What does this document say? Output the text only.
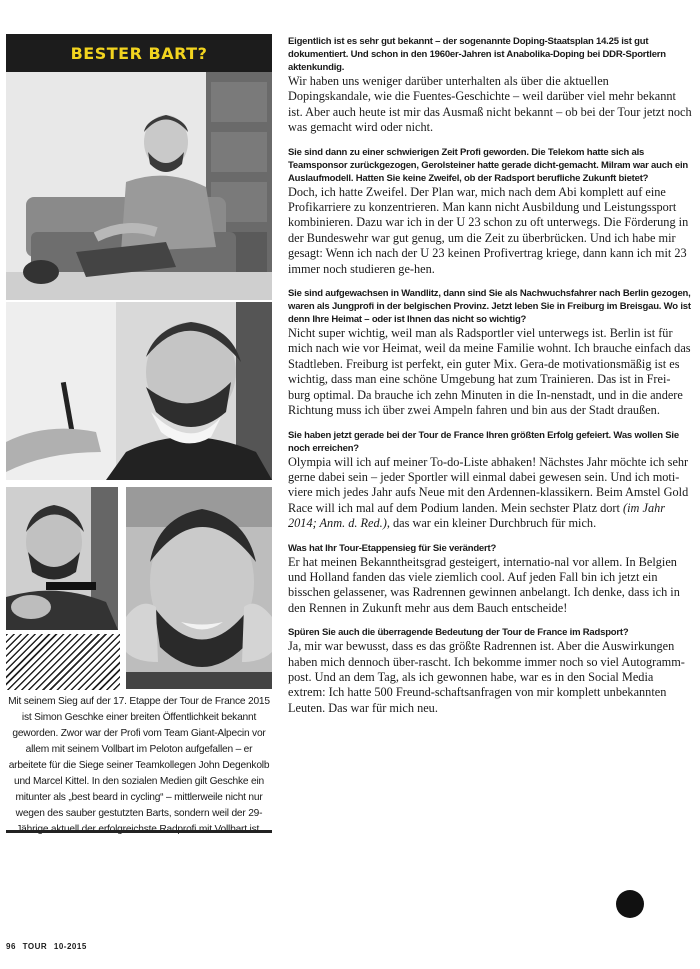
BESTER BART?
Mit seinem Sieg auf der 17. Etappe der Tour de France 2015 ist Simon Geschke einer breiten Öffentlichkeit bekannt geworden. Zwor war der Profi vom Team Giant-Alpecin vor allem mit seinem Vollbart im Peloton aufgefallen – er arbeitete für die Siege seiner Teamkollegen John Degenkolb und Marcel Kittel. In den sozialen Medien gilt Geschke ein mitunter als „best beard in cycling“ – mittlerweile nicht nur wegen des sauber gestutzten Barts, sondern weil der 29-

Eigentlich ist es sehr gut bekannt – der sogenannte Doping-Staatsplan 14.25 ist gut dokumentiert. Und schon in den 1960er-Jahren ist Anabolika-Doping bei DDR-Sportlern aktenkundig.

Wir haben uns weniger darüber unterhalten als über die aktuellen Dopingskandale, wie die Fuentes-Geschichte – weil darüber viel mehr bekannt ist. Aber auch heute ist mir das Ausmaß nicht bekannt – ob bei der Tour jetzt noch was gemacht wird oder nicht.

Sie sind dann zu einer schwierigen Zeit Profi geworden. Die Telekom hatte sich als Teamsponsor zurückgezogen, Gerolsteiner hatte gerade dicht-gemacht. Milram war auch ein Auslaufmodell. Hatten Sie keine Zweifel, ob der Radsport berufliche Zukunft bietet?

Doch, ich hatte Zweifel. Der Plan war, mich nach dem Abi komplett auf eine Profikarriere zu konzentrieren. Man kann nicht Ausbildung und Leistungssport kombinieren. Dazu war ich in der U 23 schon zu oft unterwegs. Die Förderung in der Bundeswehr war gut genug, um die Zeit zu überbrücken. Und ich habe mir gesagt: Wenn ich nach der U 23 keinen Profivertrag kriege, dann kann ich mit 23 immer noch studieren ge-hen.

Sie sind aufgewachsen in Wandlitz, dann sind Sie als Nachwuchsfahrer nach Berlin gezogen, waren als Jungprofi in der belgischen Provinz. Jetzt leben Sie in Freiburg im Breisgau. Wo ist denn Ihre Heimat – oder ist Ihnen das nicht so wichtig?

Nicht super wichtig, weil man als Radsportler viel unterwegs ist. Berlin ist für mich nach wie vor Heimat, weil da meine Familie wohnt. Ich brauche einfach das Stadtleben. Freiburg ist perfekt, ein guter Mix. Gera-de motivationsmäßig ist es wichtig, dass man eine schöne Umgebung hat zum Trainieren. Das ist in Frei-burg optimal. Da brauche ich zehn Minuten in die In-nenstadt, und in die andere Richtung muss ich über zwei Ampeln fahren und bin aus der Stadt draußen.

Sie haben jetzt gerade bei der Tour de France Ihren größten Erfolg gefeiert. Was wollen Sie noch erreichen?

Olympia will ich auf meiner To-do-Liste abhaken! Nächstes Jahr möchte ich sehr gerne dabei sein – jeder Sportler will einmal dabei gewesen sein. Und ich moti-viere mich jedes Jahr aufs Neue mit den Ardennen-klassikern. Beim Amstel Gold Race will ich mal auf dem Podium landen. Mein sechster Platz dort (im Jahr 2014; Anm. d. Red.), das war ein kleiner Durchbruch für mich.

Was hat Ihr Tour-Etappensieg für Sie verändert?

Er hat meinen Bekanntheitsgrad gesteigert, internatio-nal vor allem. In Belgien und Holland fanden das viele ziemlich cool. Auf jeden Fall bin ich jetzt ein bisschen gelassener, was Radrennen gewinnen anbelangt. Ich denke, dass ich in den Rennen in Zukunft mehr aus dem Bauch entscheide!

Spüren Sie auch die überragende Bedeutung der Tour de France im Radsport?

Ja, mir war bewusst, dass es das größte Radrennen ist. Aber die Auswirkungen haben mich dennoch über-rascht. Ich bekomme immer noch so viel Autogramm-post. Und an dem Tag, als ich gewonnen habe, war es in den Social Media extrem: Ich hatte 500 Freund-schaftsanfragen von mir komplett unbekannten Leuten. Das war für mich neu.

96 TOUR 10-2015
